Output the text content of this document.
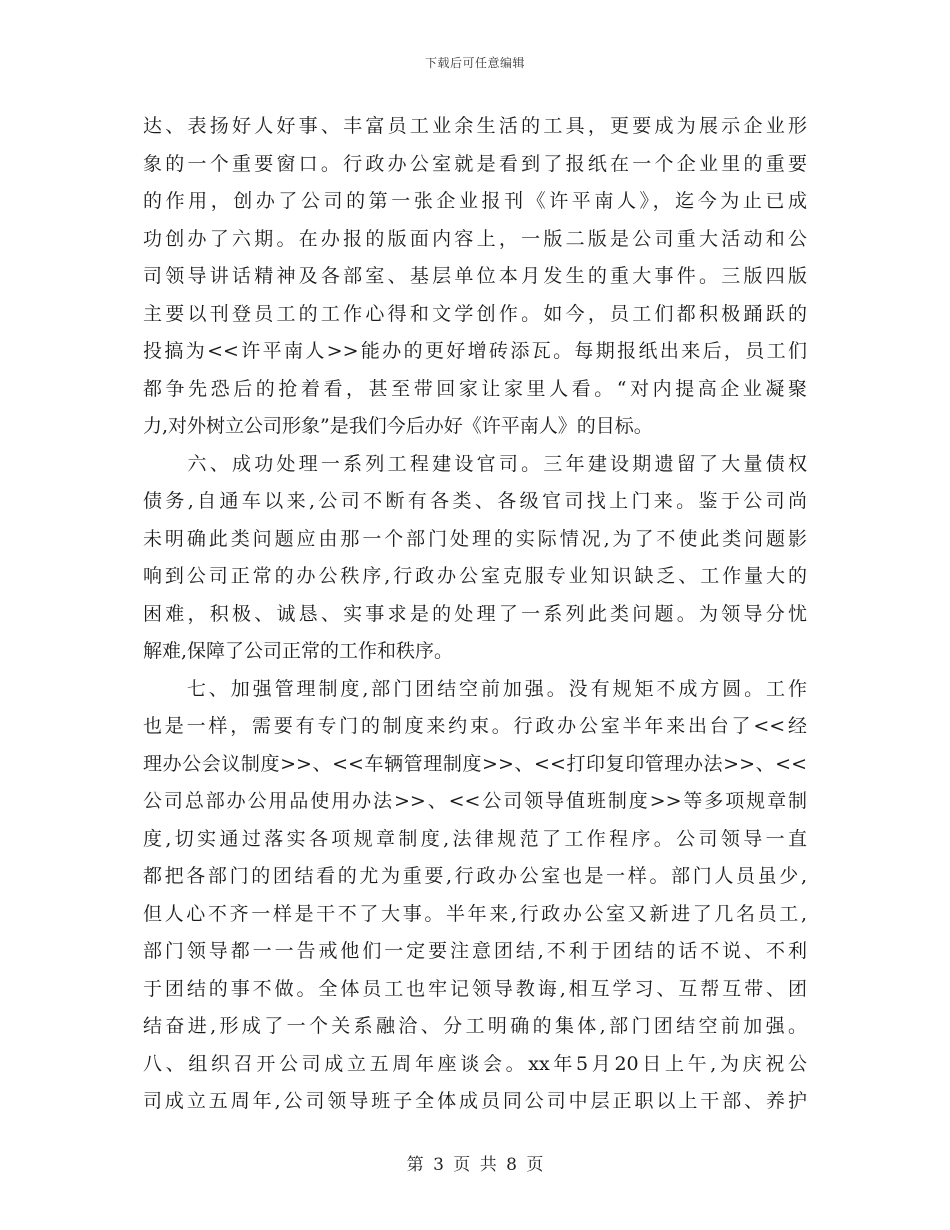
下载后可任意编辑
达、表扬好人好事、丰富员工业余生活的工具，更要成为展示企业形
象的一个重要窗口。行政办公室就是看到了报纸在一个企业里的重要
的作用，创办了公司的第一张企业报刊《许平南人》，迄今为止已成
功创办了六期。在办报的版面内容上，一版二版是公司重大活动和公
司领导讲话精神及各部室、基层单位本月发生的重大事件。三版四版
主要以刊登员工的工作心得和文学创作。如今，员工们都积极踊跃的
投搞为<<许平南人>>能办的更好增砖添瓦。每期报纸出来后，员工们
都争先恐后的抢着看，甚至带回家让家里人看。“对内提高企业凝聚
力,对外树立公司形象”是我们今后办好《许平南人》的目标。
　　六、成功处理一系列工程建设官司。三年建设期遗留了大量债权
债务,自通车以来,公司不断有各类、各级官司找上门来。鉴于公司尚
未明确此类问题应由那一个部门处理的实际情况,为了不使此类问题影
响到公司正常的办公秩序,行政办公室克服专业知识缺乏、工作量大的
困难，积极、诚恳、实事求是的处理了一系列此类问题。为领导分忧
解难,保障了公司正常的工作和秩序。
　　七、加强管理制度,部门团结空前加强。没有规矩不成方圆。工作
也是一样，需要有专门的制度来约束。行政办公室半年来出台了<<经
理办公会议制度>>、<<车辆管理制度>>、<<打印复印管理办法>>、<<
公司总部办公用品使用办法>>、<<公司领导值班制度>>等多项规章制
度,切实通过落实各项规章制度,法律规范了工作程序。公司领导一直
都把各部门的团结看的尤为重要,行政办公室也是一样。部门人员虽少,
但人心不齐一样是干不了大事。半年来,行政办公室又新进了几名员工,
部门领导都一一告戒他们一定要注意团结,不利于团结的话不说、不利
于团结的事不做。全体员工也牢记领导教诲,相互学习、互帮互带、团
结奋进,形成了一个关系融洽、分工明确的集体,部门团结空前加强。
八、组织召开公司成立五周年座谈会。xx年5月20日上午,为庆祝公
司成立五周年,公司领导班子全体成员同公司中层正职以上干部、养护
第 3 页 共 8 页
